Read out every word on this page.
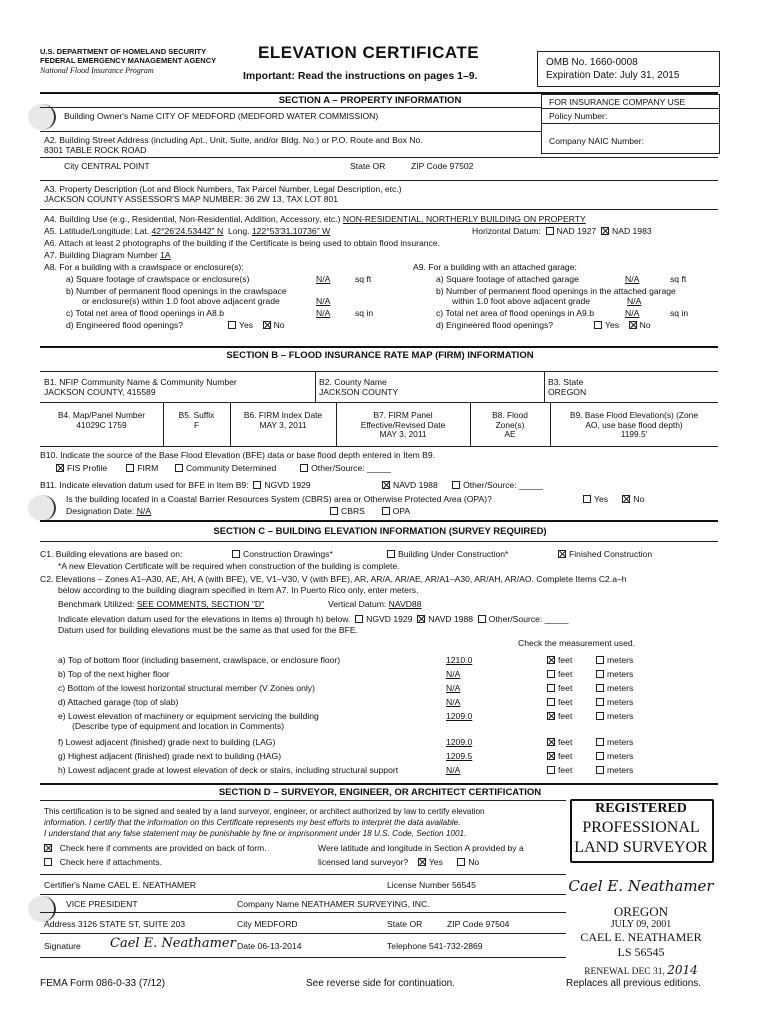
U.S. DEPARTMENT OF HOMELAND SECURITY
FEDERAL EMERGENCY MANAGEMENT AGENCY
National Flood Insurance Program
ELEVATION CERTIFICATE
Important: Read the instructions on pages 1–9.
OMB No. 1660-0008
Expiration Date: July 31, 2015
SECTION A – PROPERTY INFORMATION	FOR INSURANCE COMPANY USE
Policy Number:
Company NAIC Number:
Building Owner's Name CITY OF MEDFORD (MEDFORD WATER COMMISSION)
A2. Building Street Address (including Apt., Unit, Suite, and/or Bldg. No.) or P.O. Route and Box No.
8301 TABLE ROCK ROAD
City CENTRAL POINT	State OR	ZIP Code 97502
A3. Property Description (Lot and Block Numbers, Tax Parcel Number, Legal Description, etc.)
JACKSON COUNTY ASSESSOR'S MAP NUMBER: 36 2W 13, TAX LOT 801
A4. Building Use (e.g., Residential, Non-Residential, Addition, Accessory, etc.) NON-RESIDENTIAL, NORTHERLY BUILDING ON PROPERTY
A5. Latitude/Longitude: Lat. 42°26'24.53442" N Long. 122°53'31.10736" W	Horizontal Datum: NAD 1927 NAD 1983
A6. Attach at least 2 photographs of the building if the Certificate is being used to obtain flood insurance.
A7. Building Diagram Number 1A
A8. For a building with a crawlspace or enclosure(s):
a) Square footage of crawlspace or enclosure(s)	N/A	sq ft
b) Number of permanent flood openings in the crawlspace
or enclosure(s) within 1.0 foot above adjacent grade	N/A
c) Total net area of flood openings in A8.b	N/A	sq in
d) Engineered flood openings?	Yes No
A9. For a building with an attached garage:
a) Square footage of attached garage	N/A	sq ft
b) Number of permanent flood openings in the attached garage
within 1.0 foot above adjacent grade	N/A
c) Total net area of flood openings in A9.b	N/A	sq in
d) Engineered flood openings?	Yes No
SECTION B – FLOOD INSURANCE RATE MAP (FIRM) INFORMATION
B1. NFIP Community Name & Community Number
JACKSON COUNTY, 415589
B2. County Name
JACKSON COUNTY
B3. State
OREGON
B4. Map/Panel Number
41029C 1759
B5. Suffix
F
B6. FIRM Index Date
MAY 3, 2011
B7. FIRM Panel
Effective/Revised Date
MAY 3, 2011
B8. Flood
Zone(s)
AE
B9. Base Flood Elevation(s) (Zone
AO, use base flood depth)
1199.5'
B10. Indicate the source of the Base Flood Elevation (BFE) data or base flood depth entered in Item B9.
FIS Profile	FIRM	Community Determined	Other/Source: _____
B11. Indicate elevation datum used for BFE in Item B9: NGVD 1929	NAVD 1988	Other/Source: _____
Is the building located in a Coastal Barrier Resources System (CBRS) area or Otherwise Protected Area (OPA)?	Yes	No
Designation Date: N/A	CBRS	OPA
SECTION C – BUILDING ELEVATION INFORMATION (SURVEY REQUIRED)
C1. Building elevations are based on:	Construction Drawings*	Building Under Construction*	Finished Construction
*A new Elevation Certificate will be required when construction of the building is complete.
C2. Elevations – Zones A1–A30, AE, AH, A (with BFE), VE, V1–V30, V (with BFE), AR, AR/A, AR/AE, AR/A1–A30, AR/AH, AR/AO. Complete Items C2.a–h
below according to the building diagram specified in Item A7. In Puerto Rico only, enter meters.
Benchmark Utilized: SEE COMMENTS, SECTION "D"	Vertical Datum: NAVD88
Indicate elevation datum used for the elevations in items a) through h) below. NGVD 1929 NAVD 1988 Other/Source: _____
Datum used for building elevations must be the same as that used for the BFE.
Check the measurement used.
a) Top of bottom floor (including basement, crawlspace, or enclosure floor)	1210.0	feet	meters
b) Top of the next higher floor	N/A	feet	meters
c) Bottom of the lowest horizontal structural member (V Zones only)	N/A	feet	meters
d) Attached garage (top of slab)	N/A	feet	meters
e) Lowest elevation of machinery or equipment servicing the building
(Describe type of equipment and location in Comments)
1209.0	feet	meters
f) Lowest adjacent (finished) grade next to building (LAG)	1209.0	feet	meters
g) Highest adjacent (finished) grade next to building (HAG)	1209.5	feet	meters
h) Lowest adjacent grade at lowest elevation of deck or stairs, including structural support	N/A	feet	meters
SECTION D – SURVEYOR, ENGINEER, OR ARCHITECT CERTIFICATION
This certification is to be signed and sealed by a land surveyor, engineer, or architect authorized by law to certify elevation
information. I certify that the information on this Certificate represents my best efforts to interpret the data available.
I understand that any false statement may be punishable by fine or imprisonment under 18 U.S. Code, Section 1001.
Check here if comments are provided on back of form.
Check here if attachments.
Were latitude and longitude in Section A provided by a
licensed land surveyor? Yes	No
Certifier's Name CAEL E. NEATHAMER	License Number 56545
VICE PRESIDENT	Company Name NEATHAMER SURVEYING, INC.
Address 3126 STATE ST, SUITE 203	City MEDFORD	State OR	ZIP Code 97504
Signature Cael E. Neathamer Date 06-13-2014	Telephone 541-732-2869
REGISTERED
PROFESSIONAL
LAND SURVEYOR
Cael E. Neathamer
OREGON
JULY 09, 2001
CAEL E. NEATHAMER
LS 56545
RENEWAL DEC 31, 2014
FEMA Form 086-0-33 (7/12)	See reverse side for continuation.	Replaces all previous editions.
